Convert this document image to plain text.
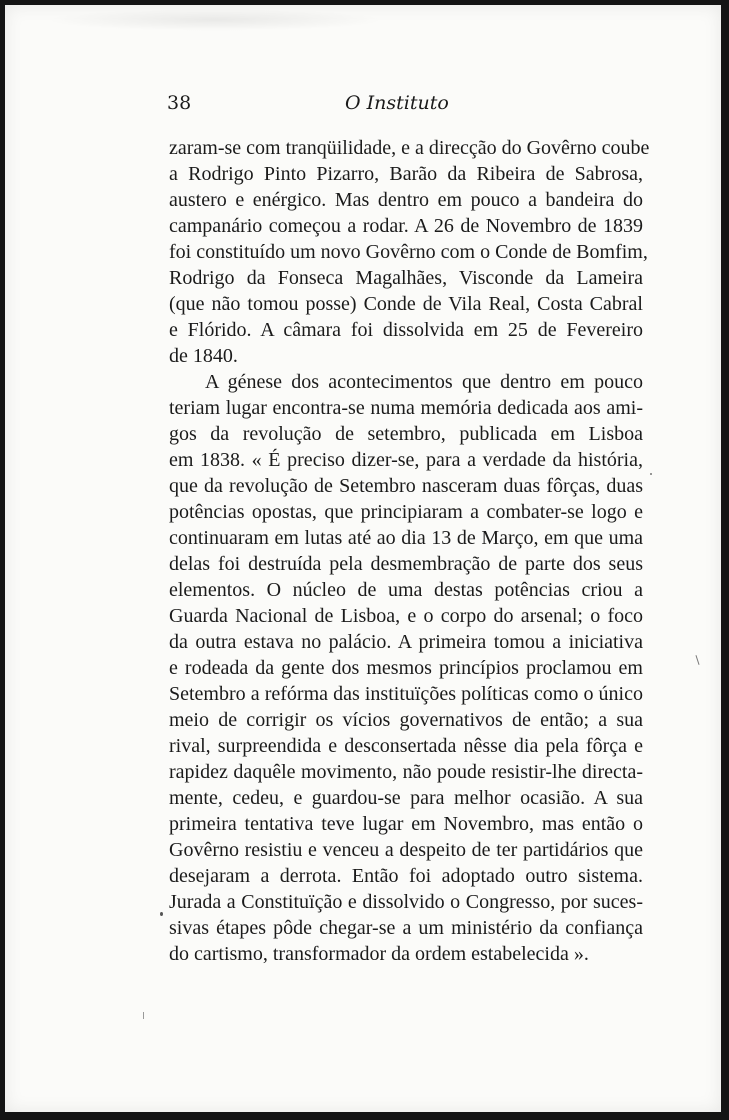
38	O Instituto
zaram-se com tranqüilidade, e a direcção do Govêrno coube
a Rodrigo Pinto Pizarro, Barão da Ribeira de Sabrosa,
austero e enérgico. Mas dentro em pouco a bandeira do
campanário começou a rodar. A 26 de Novembro de 1839
foi constituído um novo Govêrno com o Conde de Bomfim,
Rodrigo da Fonseca Magalhães, Visconde da Lameira
(que não tomou posse) Conde de Vila Real, Costa Cabral
e Flórido. A câmara foi dissolvida em 25 de Fevereiro
de 1840.
A génese dos acontecimentos que dentro em pouco
teriam lugar encontra-se numa memória dedicada aos ami-
gos da revolução de setembro, publicada em Lisboa
em 1838. « É preciso dizer-se, para a verdade da história,
que da revolução de Setembro nasceram duas fôrças, duas
potências opostas, que principiaram a combater-se logo e
continuaram em lutas até ao dia 13 de Março, em que uma
delas foi destruída pela desmembração de parte dos seus
elementos. O núcleo de uma destas potências criou a
Guarda Nacional de Lisboa, e o corpo do arsenal; o foco
da outra estava no palácio. A primeira tomou a iniciativa
e rodeada da gente dos mesmos princípios proclamou em
Setembro a refórma das instituïções políticas como o único
meio de corrigir os vícios governativos de então; a sua
rival, surpreendida e desconsertada nêsse dia pela fôrça e
rapidez daquêle movimento, não poude resistir-lhe directa-
mente, cedeu, e guardou-se para melhor ocasião. A sua
primeira tentativa teve lugar em Novembro, mas então o
Govêrno resistiu e venceu a despeito de ter partidários que
desejaram a derrota. Então foi adoptado outro sistema.
Jurada a Constituïção e dissolvido o Congresso, por suces-
sivas étapes pôde chegar-se a um ministério da confiança
do cartismo, transformador da ordem estabelecida ».
